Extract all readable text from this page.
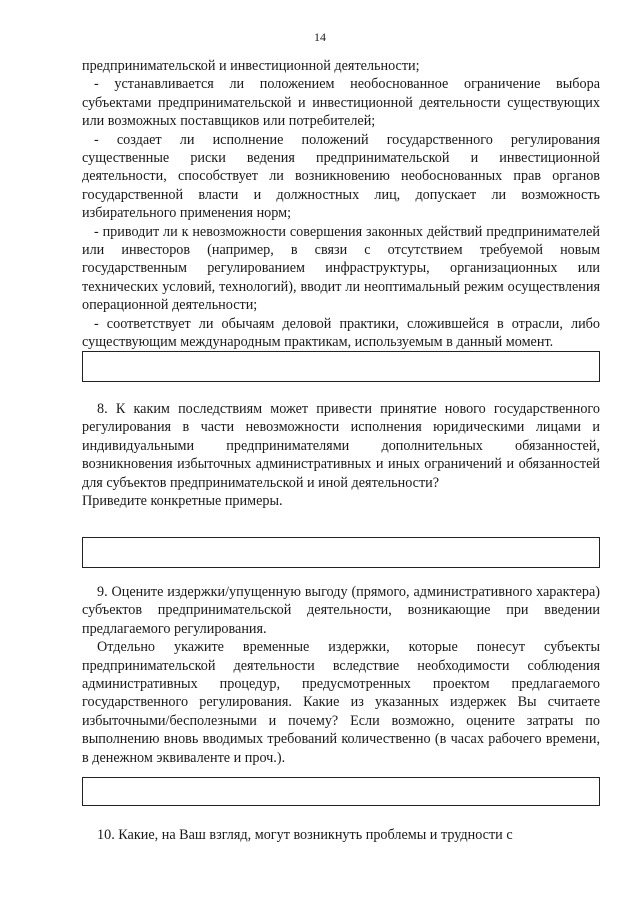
14

предпринимательской и инвестиционной деятельности;

- устанавливается ли положением необоснованное ограничение выбора субъектами предпринимательской и инвестиционной деятельности существующих или возможных поставщиков или потребителей;

- создает ли исполнение положений государственного регулирования существенные риски ведения предпринимательской и инвестиционной деятельности, способствует ли возникновению необоснованных прав органов государственной власти и должностных лиц, допускает ли возможность избирательного применения норм;

- приводит ли к невозможности совершения законных действий предпринимателей или инвесторов (например, в связи с отсутствием требуемой новым государственным регулированием инфраструктуры, организационных или технических условий, технологий), вводит ли неоптимальный режим осуществления операционной деятельности;

- соответствует ли обычаям деловой практики, сложившейся в отрасли, либо существующим международным практикам, используемым в данный момент.

8. К каким последствиям может привести принятие нового государственного регулирования в части невозможности исполнения юридическими лицами и индивидуальными предпринимателями дополнительных обязанностей, возникновения избыточных административных и иных ограничений и обязанностей для субъектов предпринимательской и иной деятельности?

Приведите конкретные примеры.

9. Оцените издержки/упущенную выгоду (прямого, административного характера) субъектов предпринимательской деятельности, возникающие при введении предлагаемого регулирования.

Отдельно укажите временные издержки, которые понесут субъекты предпринимательской деятельности вследствие необходимости соблюдения административных процедур, предусмотренных проектом предлагаемого государственного регулирования. Какие из указанных издержек Вы считаете избыточными/бесполезными и почему? Если возможно, оцените затраты по выполнению вновь вводимых требований количественно (в часах рабочего времени, в денежном эквиваленте и проч.).

10. Какие, на Ваш взгляд, могут возникнуть проблемы и трудности с
